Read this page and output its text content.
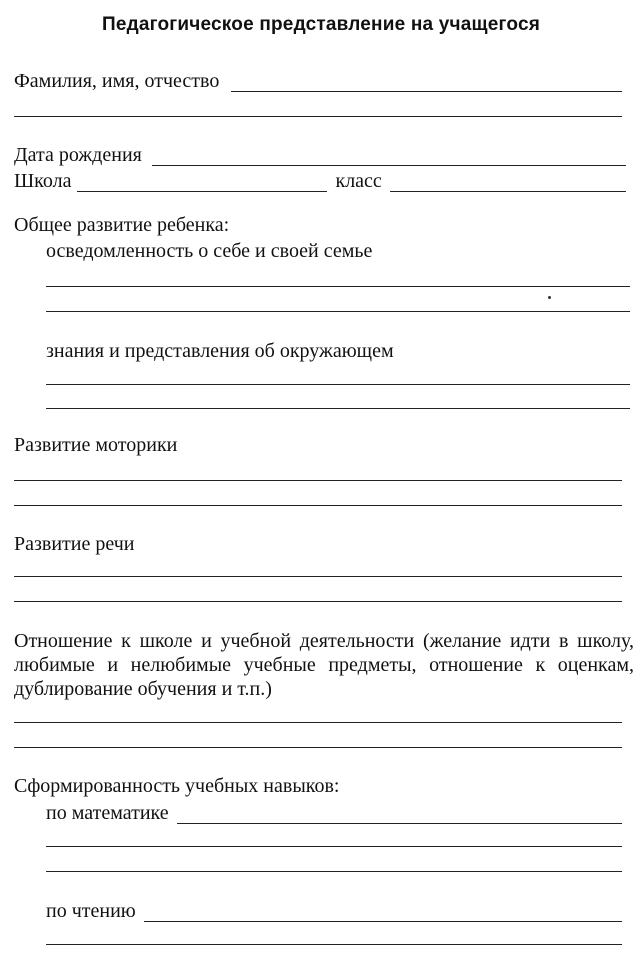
Педагогическое представление на учащегося
Фамилия, имя, отчество
Дата рождения
Школа	класс
Общее развитие ребенка:
осведомленность о себе и своей семье
знания и представления об окружающем
Развитие моторики
Развитие речи
Отношение к школе и учебной деятельности (желание идти в школу, любимые и нелюбимые учебные предметы, отношение к оценкам, дублирование обучения и т.п.)
Сформированность учебных навыков:
по математике
по чтению
